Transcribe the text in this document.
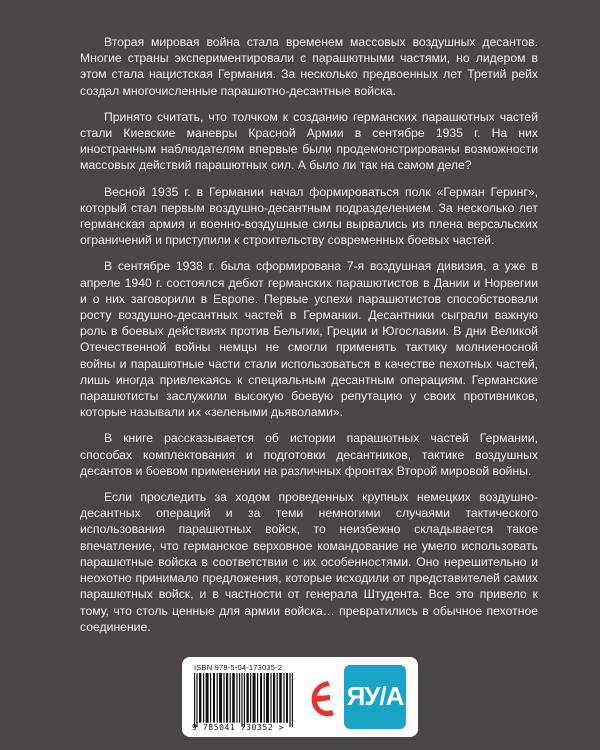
Вторая мировая война стала временем массовых воздушных десантов. Многие страны экспериментировали с парашютными частями, но лидером в этом стала нацистская Германия. За несколько предвоенных лет Третий рейх создал многочисленные парашютно-десантные войска.

Принято считать, что толчком к созданию германских парашютных частей стали Киевские маневры Красной Армии в сентябре 1935 г. На них иностранным наблюдателям впервые были продемонстрированы возможности массовых действий парашютных сил. А было ли так на самом деле?

Весной 1935 г. в Германии начал формироваться полк «Герман Геринг», который стал первым воздушно-десантным подразделением. За несколько лет германская армия и военно-воздушные силы вырвались из плена версальских ограничений и приступили к строительству современных боевых частей.

В сентябре 1938 г. была сформирована 7-я воздушная дивизия, а уже в апреле 1940 г. состоялся дебют германских парашютистов в Дании и Норвегии и о них заговорили в Европе. Первые успехи парашютистов способствовали росту воздушно-десантных частей в Германии. Десантники сыграли важную роль в боевых действиях против Бельгии, Греции и Югославии. В дни Великой Отечественной войны немцы не смогли применять тактику молниеносной войны и парашютные части стали использоваться в качестве пехотных частей, лишь иногда привлекаясь к специальным десантным операциям. Германские парашютисты заслужили высокую боевую репутацию у своих противников, которые называли их «зелеными дьяволами».

В книге рассказывается об истории парашютных частей Германии, способах комплектования и подготовки десантников, тактике воздушных десантов и боевом применении на различных фронтах Второй мировой войны.

Если проследить за ходом проведенных крупных немецких воздушно-десантных операций и за теми немногими случаями тактического использования парашютных войск, то неизбежно складывается такое впечатление, что германское верховное командование не умело использовать парашютные войска в соответствии с их особенностями. Оно нерешительно и неохотно принимало предложения, которые исходили от представителей самих парашютных войск, и в частности от генерала Штудента. Все это привело к тому, что столь ценные для армии войска… превратились в обычное пехотное соединение.

ISBN 978-5-04-173035-2
9 785041 730352 >
ЯУ/А
